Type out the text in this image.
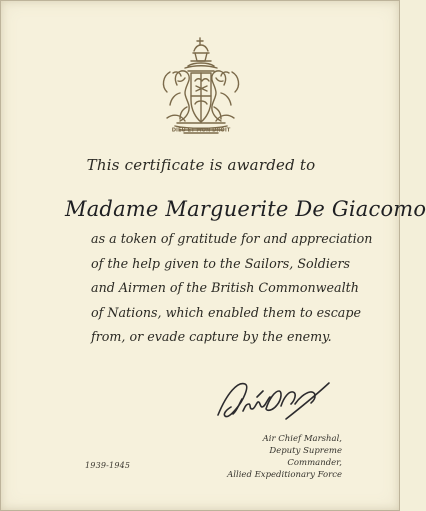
DIEU ET MON DROIT
This certificate is awarded to
Madame Marguerite De Giacomo
as a token of gratitude for and appreciation
of the help given to the Sailors, Soldiers
and Airmen of the British Commonwealth
of Nations, which enabled them to escape
from, or evade capture by the enemy.
Air Chief Marshal,
Deputy Supreme Commander,
Allied Expeditionary Force
1939-1945
